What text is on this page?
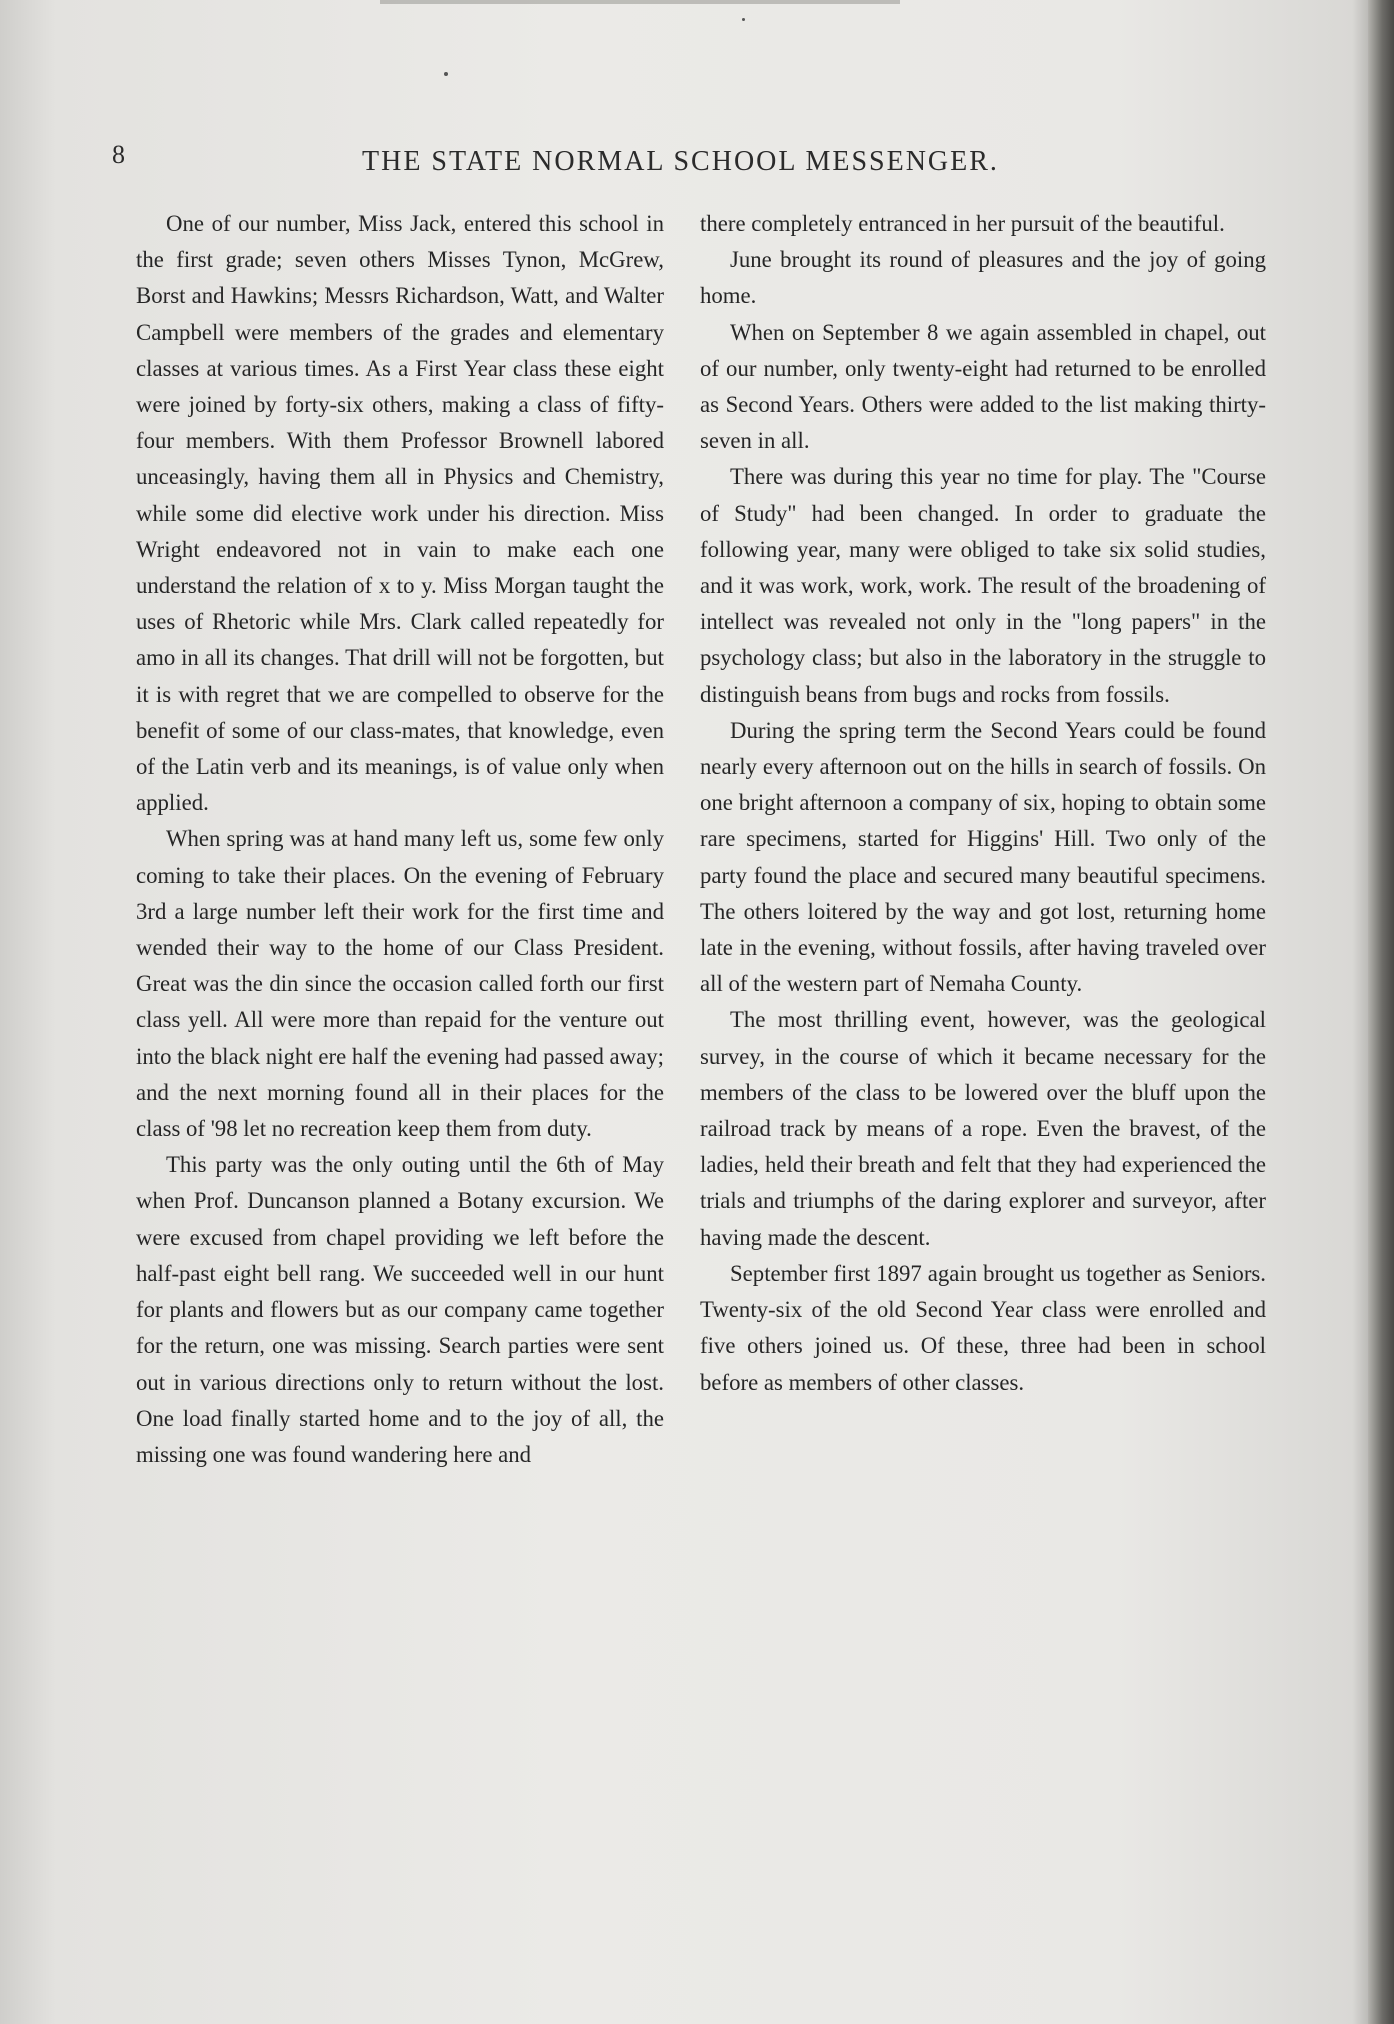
8	THE STATE NORMAL SCHOOL MESSENGER.

One of our number, Miss Jack, entered this school in the first grade; seven others Misses Tynon, McGrew, Borst and Hawkins; Messrs Richardson, Watt, and Walter Campbell were members of the grades and elementary classes at various times. As a First Year class these eight were joined by forty-six others, making a class of fifty-four members. With them Professor Brownell labored unceasingly, having them all in Physics and Chemistry, while some did elective work under his direction. Miss Wright endeavored not in vain to make each one understand the relation of x to y. Miss Morgan taught the uses of Rhetoric while Mrs. Clark called repeatedly for amo in all its changes. That drill will not be forgotten, but it is with regret that we are compelled to observe for the benefit of some of our class-mates, that knowledge, even of the Latin verb and its meanings, is of value only when applied.

When spring was at hand many left us, some few only coming to take their places. On the evening of February 3rd a large number left their work for the first time and wended their way to the home of our Class President. Great was the din since the occasion called forth our first class yell. All were more than repaid for the venture out into the black night ere half the evening had passed away; and the next morning found all in their places for the class of '98 let no recreation keep them from duty.

This party was the only outing until the 6th of May when Prof. Duncanson planned a Botany excursion. We were excused from chapel providing we left before the half-past eight bell rang. We succeeded well in our hunt for plants and flowers but as our company came together for the return, one was missing. Search parties were sent out in various directions only to return without the lost. One load finally started home and to the joy of all, the missing one was found wandering here and

there completely entranced in her pursuit of the beautiful.

June brought its round of pleasures and the joy of going home.

When on September 8 we again assembled in chapel, out of our number, only twenty-eight had returned to be enrolled as Second Years. Others were added to the list making thirty-seven in all.

There was during this year no time for play. The "Course of Study" had been changed. In order to graduate the following year, many were obliged to take six solid studies, and it was work, work, work. The result of the broadening of intellect was revealed not only in the "long papers" in the psychology class; but also in the laboratory in the struggle to distinguish beans from bugs and rocks from fossils.

During the spring term the Second Years could be found nearly every afternoon out on the hills in search of fossils. On one bright afternoon a company of six, hoping to obtain some rare specimens, started for Higgins' Hill. Two only of the party found the place and secured many beautiful specimens. The others loitered by the way and got lost, returning home late in the evening, without fossils, after having traveled over all of the western part of Nemaha County.

The most thrilling event, however, was the geological survey, in the course of which it became necessary for the members of the class to be lowered over the bluff upon the railroad track by means of a rope. Even the bravest, of the ladies, held their breath and felt that they had experienced the trials and triumphs of the daring explorer and surveyor, after having made the descent.

September first 1897 again brought us together as Seniors. Twenty-six of the old Second Year class were enrolled and five others joined us. Of these, three had been in school before as members of other classes.
